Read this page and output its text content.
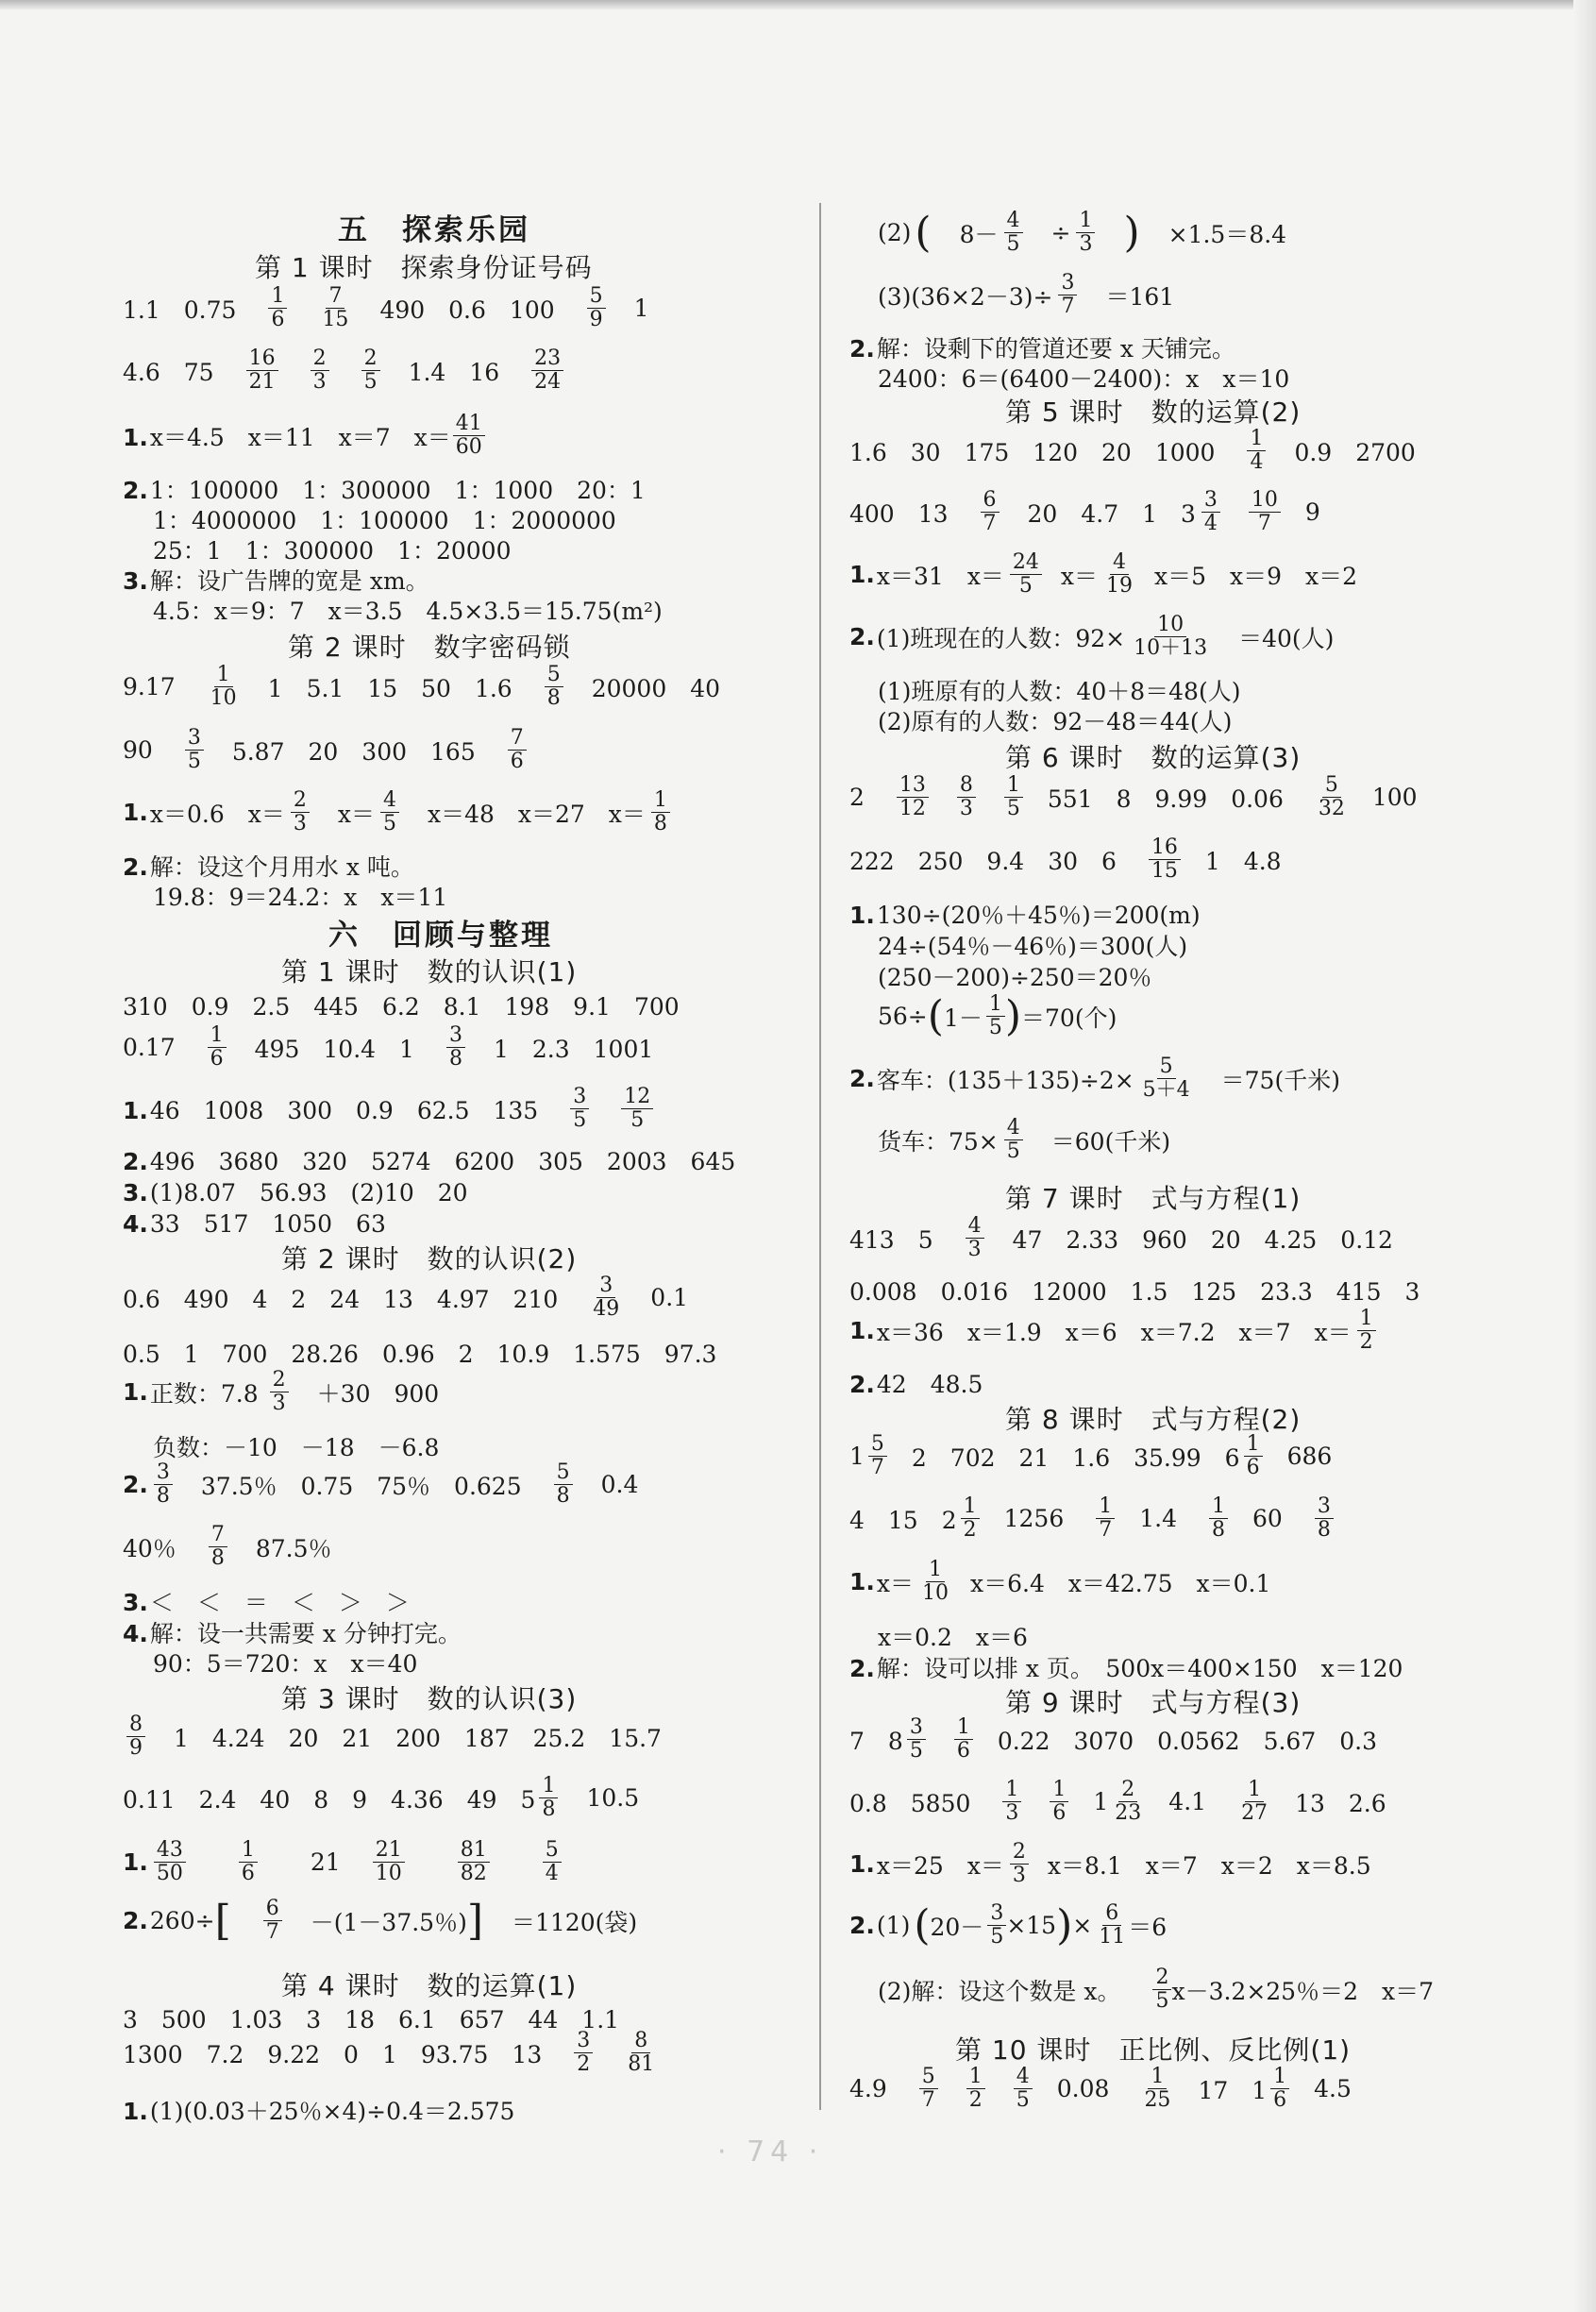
五　探索乐园
第 1 课时　探索身份证号码
1.1　$0.75 \frac{1}{6} \frac{7}{15} 490$　0.6　$100 \frac{5}{9} 1$
4.6　$75 \frac{16}{21} \frac{2}{3} \frac{2}{5} 1.4$　$16 \frac{23}{24}$
1.x＝4.5　x＝11　x＝7　$x= \frac{41}{60}$
2.1：100000　1：300000　1：1000　20：1
1：4000000　1：100000　1：2000000
25：1　1：300000　1：20000
3.解：设广告牌的宽是 xm。
4.5：x＝9：7　x＝3.5　4.5×3.5＝15.75(m²)
第 2 课时　数字密码锁
$9.17 \frac{1}{10} 1$　5.1　15　50　$1.6 \frac{5}{8} 20000$　40
$90 \frac{3}{5} 5.87$　20　300　$165 \frac{7}{6}$
1. x＝0.6　$x= \frac{2}{3} x= \frac{4}{5} x=48$　x＝27　$x= \frac{1}{8}$
2.解：设这个月用水 x 吨。
19.8：9＝24.2：x　x＝11
六　回顾与整理
第 1 课时　数的认识(1)
310　0.9　2.5　445　6.2　8.1　198　9.1　700
$0.17 \frac{1}{6} 495$　10.4　$1 \frac{3}{8} 1$　2.3　1001
1.46　1008　300　0.9　62.5　$135 \frac{3}{5} \frac{12}{5}$
2.496　3680　320　5274　6200　305　2003　645
3.(1)8.07　56.93　(2)10　20
4.33　517　1050　63
第 2 课时　数的认识(2)
0.6　490　4　2　24　13　4.97　$210 \frac{3}{49} 0.1$
0.5　1　700　28.26　0.96　2　10.9　1.575　97.3
1. 正数：$7.8 \frac{2}{3} +30$　900
负数：－10　－18　－6.8
2. $\frac{3}{8} 37.5$％　0.75　75％　$0.625 \frac{5}{8} 0.4$
40％ $\frac{7}{8} 87.5$％
3.＜　＜　＝　＜　＞　＞
4.解：设一共需要 x 分钟打完。
90：5＝720：x　x＝40
第 3 课时　数的认识(3)
$\frac{8}{9} 1$　4.24　20　21　200　187　25.2　15.7
0.11　2.4　40　8　9　4.36　49　$5 \frac{1}{8} 10.5$
1. $\frac{43}{50}$	$\frac{1}{6} 21 \frac{21}{10}$	$\frac{81}{82}$	$\frac{5}{4}$
2. 260÷ [ $\frac{6}{7} -(1-37.5$％) ] ＝1120(袋)
第 4 课时　数的运算(1)
3　500　1.03　3　18　6.1　657　44　1.1
1300　7.2　9.22　0　1　93.75　$13 \frac{3}{2} \frac{8}{81}$
1.(1)(0.03＋25％×4)÷0.4＝2.575
(2) ( $8- \frac{4}{5} \div \frac{1}{3}$ ) ×1.5＝8.4
$(3)(36\times 2-3)\div \frac{3}{7} =161$
2.解：设剩下的管道还要 x 天铺完。
2400：6＝(6400－2400)：x　x＝10
第 5 课时　数的运算(2)
1.6　30　175　120　20　$1000 \frac{1}{4} 0.9$　2700
400　$13 \frac{6}{7} 20$　4.7　1　$3 \frac{3}{4} \frac{10}{7} 9$
1. x＝31　$x= \frac{24}{5} x= \frac{4}{19} x=5$　x＝9　x＝2
2. (1)班现在的人数：$92\times \frac{10}{10+13} =40$(人)
(1)班原有的人数：40＋8＝48(人)
(2)原有的人数：92－48＝44(人)
第 6 课时　数的运算(3)
$2 \frac{13}{12} \frac{8}{3} \frac{1}{5} 551$　8　9.99　$0.06 \frac{5}{32} 100$
222　250　9.4　30　$6 \frac{16}{15} 1$　4.8
1.130÷(20％＋45％)＝200(m)
24÷(54％－46％)＝300(人)
(250－200)÷250＝20％
56÷ ( $1- \frac{1}{5}$ ) ＝70(个)
2. 客车：$(135+135)\div 2\times \frac{5}{5+4} =75$(千米)
货车：$75\times \frac{4}{5} =60$(千米)
第 7 课时　式与方程(1)
413　$5 \frac{4}{3} 47$　2.33　960　20　4.25　0.12
0.008　0.016　12000　1.5　125　23.3　415　3
1. x＝36　x＝1.9　x＝6　x＝7.2　x＝7　$x= \frac{1}{2}$
2.42　48.5
第 8 课时　式与方程(2)
$1 \frac{5}{7} 2$　702　21　1.6　35.99　$6 \frac{1}{6} 686$
4　15　$2 \frac{1}{2} 1256 \frac{1}{7} 1.4 \frac{1}{8} 60 \frac{3}{8}$
1. $x= \frac{1}{10} x=6.4$　x＝42.75　x＝0.1
x＝0.2　x＝6
2.解：设可以排 x 页。　500x＝400×150　x＝120
第 9 课时　式与方程(3)
7　$8 \frac{3}{5} \frac{1}{6} 0.22$　3070　0.0562　5.67　0.3
0.8　$5850 \frac{1}{3} \frac{1}{6} 1 \frac{2}{23} 4.1 \frac{1}{27} 13$　2.6
1. x＝25　$x= \frac{2}{3} x=8.1$　x＝7　x＝2　x＝8.5
2. (1) ( $20- \frac{3}{5} \times 15$ ) × $\frac{6}{11} =6$
(2)解：设这个数是 x。 $\frac{2}{5} x-3.2\times 25$％＝2　x＝7
第 10 课时　正比例、反比例(1)
$4.9 \frac{5}{7} \frac{1}{2} \frac{4}{5} 0.08 \frac{1}{25} 17$　$1 \frac{1}{6} 4.5$
· 74 ·
